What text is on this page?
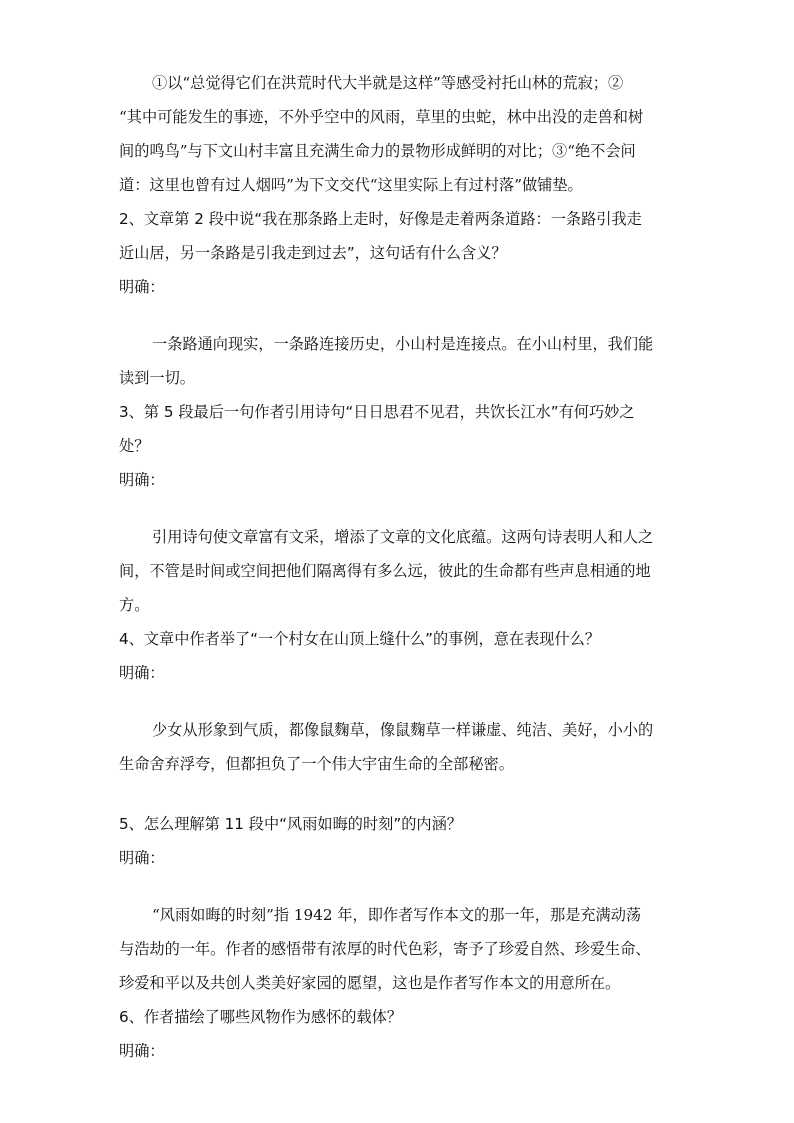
①以“总觉得它们在洪荒时代大半就是这样”等感受衬托山林的荒寂；②
“其中可能发生的事迹，不外乎空中的风雨，草里的虫蛇，林中出没的走兽和树
间的鸣鸟”与下文山村丰富且充满生命力的景物形成鲜明的对比；③“绝不会问
道：这里也曾有过人烟吗”为下文交代“这里实际上有过村落”做铺垫。
2、文章第 2 段中说“我在那条路上走时，好像是走着两条道路：一条路引我走
近山居，另一条路是引我走到过去”，这句话有什么含义？
明确：
一条路通向现实，一条路连接历史，小山村是连接点。在小山村里，我们能
读到一切。
3、第 5 段最后一句作者引用诗句“日日思君不见君，共饮长江水”有何巧妙之
处？
明确：
引用诗句使文章富有文采，增添了文章的文化底蕴。这两句诗表明人和人之
间，不管是时间或空间把他们隔离得有多么远，彼此的生命都有些声息相通的地
方。
4、文章中作者举了“一个村女在山顶上缝什么”的事例，意在表现什么？
明确：
少女从形象到气质，都像鼠麴草，像鼠麴草一样谦虚、纯洁、美好，小小的
生命舍弃浮夸，但都担负了一个伟大宇宙生命的全部秘密。
5、怎么理解第 11 段中“风雨如晦的时刻”的内涵？
明确：
“风雨如晦的时刻”指 1942 年，即作者写作本文的那一年，那是充满动荡
与浩劫的一年。作者的感悟带有浓厚的时代色彩，寄予了珍爱自然、珍爱生命、
珍爱和平以及共创人类美好家园的愿望，这也是作者写作本文的用意所在。
6、作者描绘了哪些风物作为感怀的载体？
明确：
